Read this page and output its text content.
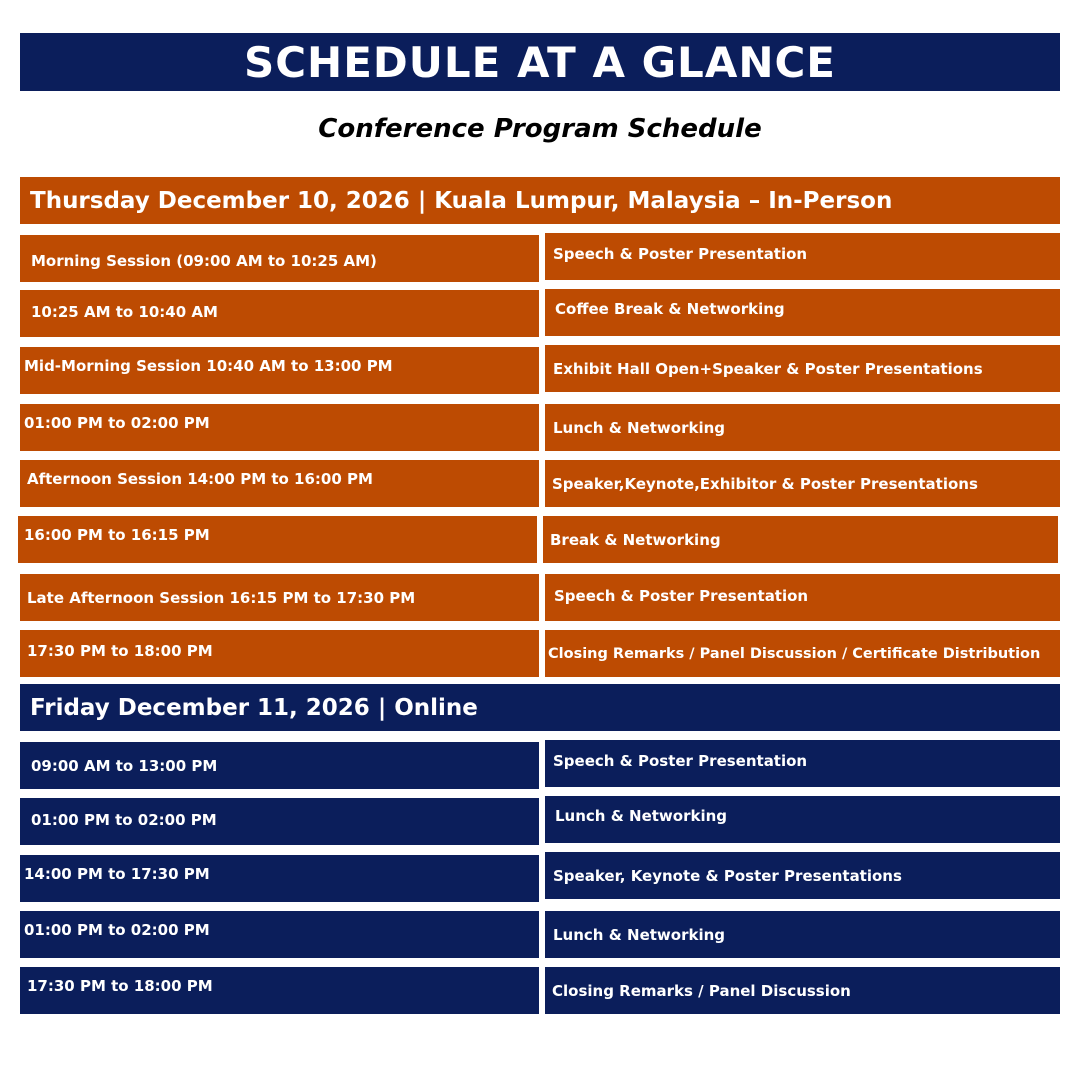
SCHEDULE AT A GLANCE
Conference Program Schedule
Thursday December 10, 2026 | Kuala Lumpur, Malaysia – In-Person
Morning Session (09:00 AM to 10:25 AM)	Speech & Poster Presentation
10:25 AM to 10:40 AM	Coffee Break & Networking
Mid-Morning Session 10:40 AM to 13:00 PM	Exhibit Hall Open+Speaker & Poster Presentations
01:00 PM to 02:00 PM	Lunch & Networking
Afternoon Session 14:00 PM to 16:00 PM	Speaker,Keynote,Exhibitor & Poster Presentations
16:00 PM to 16:15 PM	Break & Networking
Late Afternoon Session 16:15 PM to 17:30 PM	Speech & Poster Presentation
17:30 PM to 18:00 PM	Closing Remarks / Panel Discussion / Certificate Distribution
Friday December 11, 2026 | Online
09:00 AM to 13:00 PM	Speech & Poster Presentation
01:00 PM to 02:00 PM	Lunch & Networking
14:00 PM to 17:30 PM	Speaker, Keynote & Poster Presentations
01:00 PM to 02:00 PM	Lunch & Networking
17:30 PM to 18:00 PM	Closing Remarks / Panel Discussion
